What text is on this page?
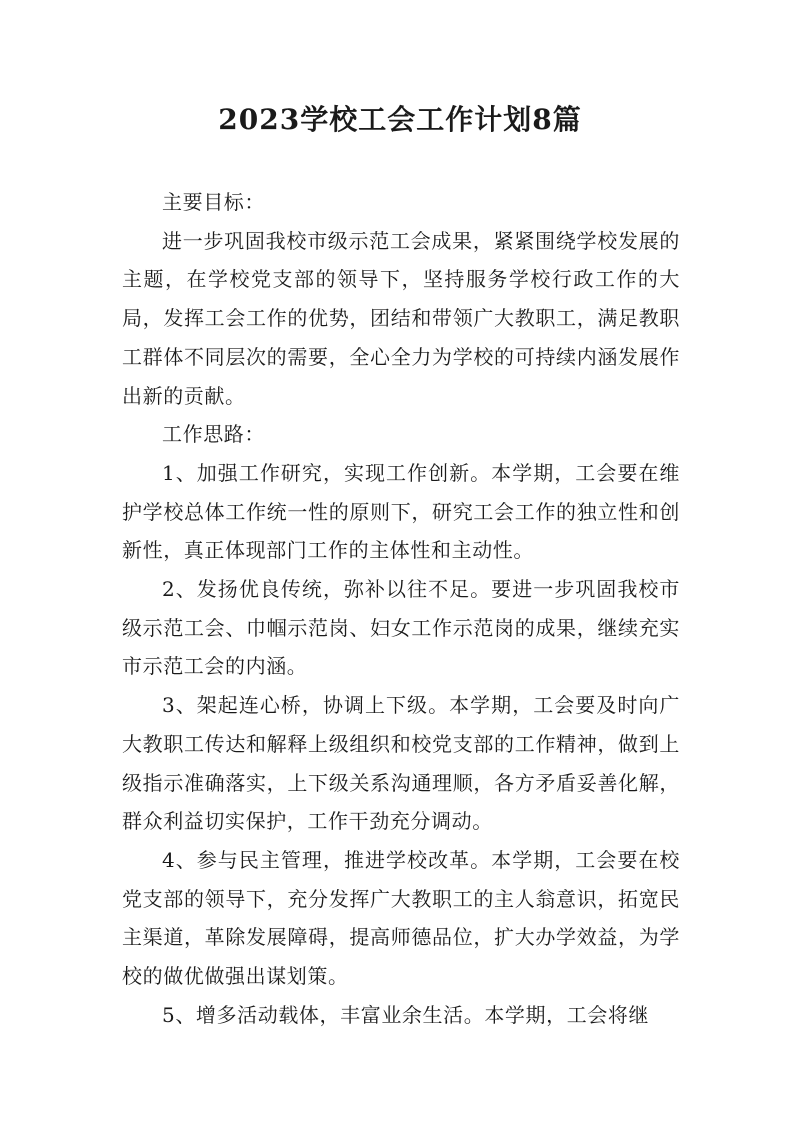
2023学校工会工作计划8篇

主要目标：

进一步巩固我校市级示范工会成果，紧紧围绕学校发展的主题，在学校党支部的领导下，坚持服务学校行政工作的大局，发挥工会工作的优势，团结和带领广大教职工，满足教职工群体不同层次的需要，全心全力为学校的可持续内涵发展作出新的贡献。

工作思路：

1、加强工作研究，实现工作创新。本学期，工会要在维护学校总体工作统一性的原则下，研究工会工作的独立性和创新性，真正体现部门工作的主体性和主动性。

2、发扬优良传统，弥补以往不足。要进一步巩固我校市级示范工会、巾帼示范岗、妇女工作示范岗的成果，继续充实市示范工会的内涵。

3、架起连心桥，协调上下级。本学期，工会要及时向广大教职工传达和解释上级组织和校党支部的工作精神，做到上级指示准确落实，上下级关系沟通理顺，各方矛盾妥善化解，群众利益切实保护，工作干劲充分调动。

4、参与民主管理，推进学校改革。本学期，工会要在校党支部的领导下，充分发挥广大教职工的主人翁意识，拓宽民主渠道，革除发展障碍，提高师德品位，扩大办学效益，为学校的做优做强出谋划策。

5、增多活动载体，丰富业余生活。本学期，工会将继
